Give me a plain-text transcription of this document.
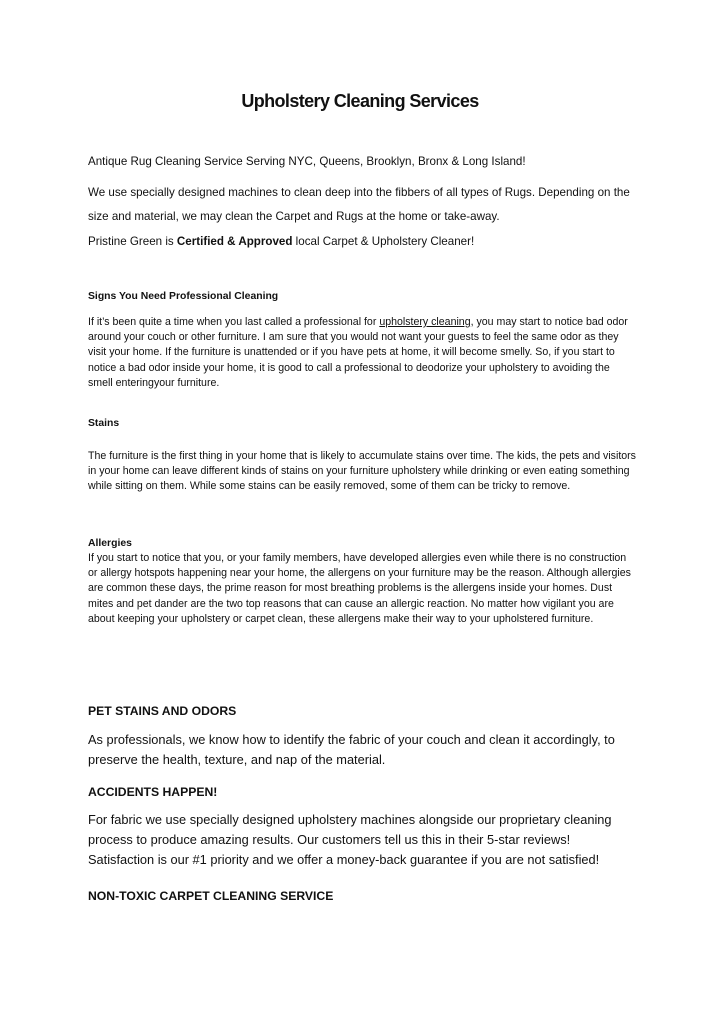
Upholstery Cleaning Services

Antique Rug Cleaning Service Serving NYC, Queens, Brooklyn, Bronx & Long Island!

We use specially designed machines to clean deep into the fibbers of all types of Rugs. Depending on the size and material, we may clean the Carpet and Rugs at the home or take-away.

Pristine Green is Certified & Approved local Carpet & Upholstery Cleaner!

Signs You Need Professional Cleaning

If it’s been quite a time when you last called a professional for upholstery cleaning, you may start to notice bad odor around your couch or other furniture. I am sure that you would not want your guests to feel the same odor as they visit your home. If the furniture is unattended or if you have pets at home, it will become smelly. So, if you start to notice a bad odor inside your home, it is good to call a professional to deodorize your upholstery to avoiding the smell enteringyour furniture.

Stains

The furniture is the first thing in your home that is likely to accumulate stains over time. The kids, the pets and visitors in your home can leave different kinds of stains on your furniture upholstery while drinking or even eating something while sitting on them. While some stains can be easily removed, some of them can be tricky to remove.

Allergies

If you start to notice that you, or your family members, have developed allergies even while there is no construction or allergy hotspots happening near your home, the allergens on your furniture may be the reason. Although allergies are common these days, the prime reason for most breathing problems is the allergens inside your homes. Dust mites and pet dander are the two top reasons that can cause an allergic reaction. No matter how vigilant you are about keeping your upholstery or carpet clean, these allergens make their way to your upholstered furniture.

PET STAINS AND ODORS

As professionals, we know how to identify the fabric of your couch and clean it accordingly, to preserve the health, texture, and nap of the material.

ACCIDENTS HAPPEN!

For fabric we use specially designed upholstery machines alongside our proprietary cleaning process to produce amazing results. Our customers tell us this in their 5-star reviews! Satisfaction is our #1 priority and we offer a money-back guarantee if you are not satisfied!

NON-TOXIC CARPET CLEANING SERVICE
